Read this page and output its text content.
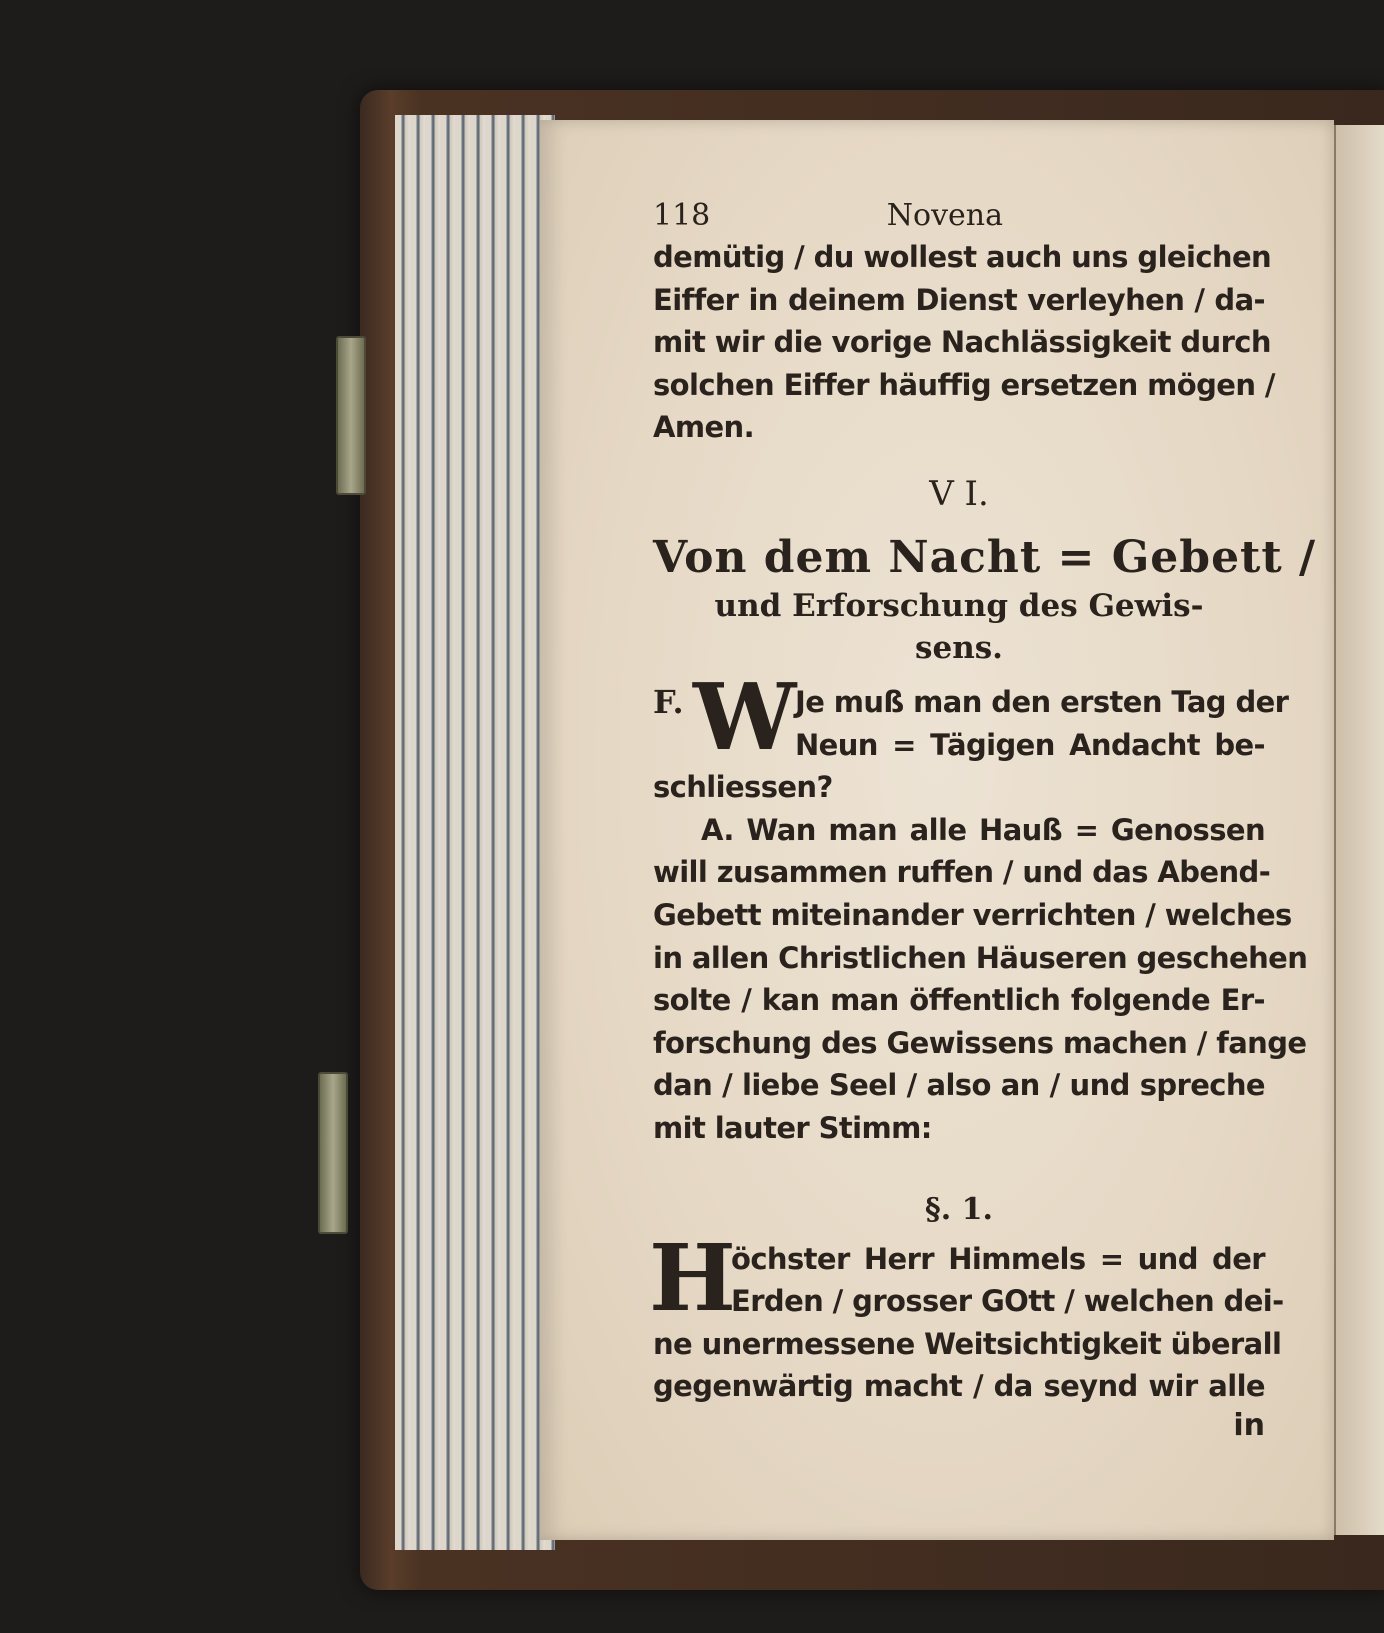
118	Novena
demütig / du wollest auch uns gleichen
Eiffer in deinem Dienst verleyhen / da-
mit wir die vorige Nachlässigkeit durch
solchen Eiffer häuffig ersetzen mögen /
Amen.
V I.
Von dem Nacht = Gebett /
und Erforschung des Gewis-
sens.
F. W
Je muß man den ersten Tag der
Neun = Tägigen Andacht be-
schliessen?
A. Wan man alle Hauß = Genossen
will zusammen ruffen / und das Abend-
Gebett miteinander verrichten / welches
in allen Christlichen Häuseren geschehen
solte / kan man öffentlich folgende Er-
forschung des Gewissens machen / fange
dan / liebe Seel / also an / und spreche
mit lauter Stimm:
§. 1.
H
öchster Herr Himmels = und der
Erden / grosser GOtt / welchen dei-
ne unermessene Weitsichtigkeit überall
gegenwärtig macht / da seynd wir alle
in
